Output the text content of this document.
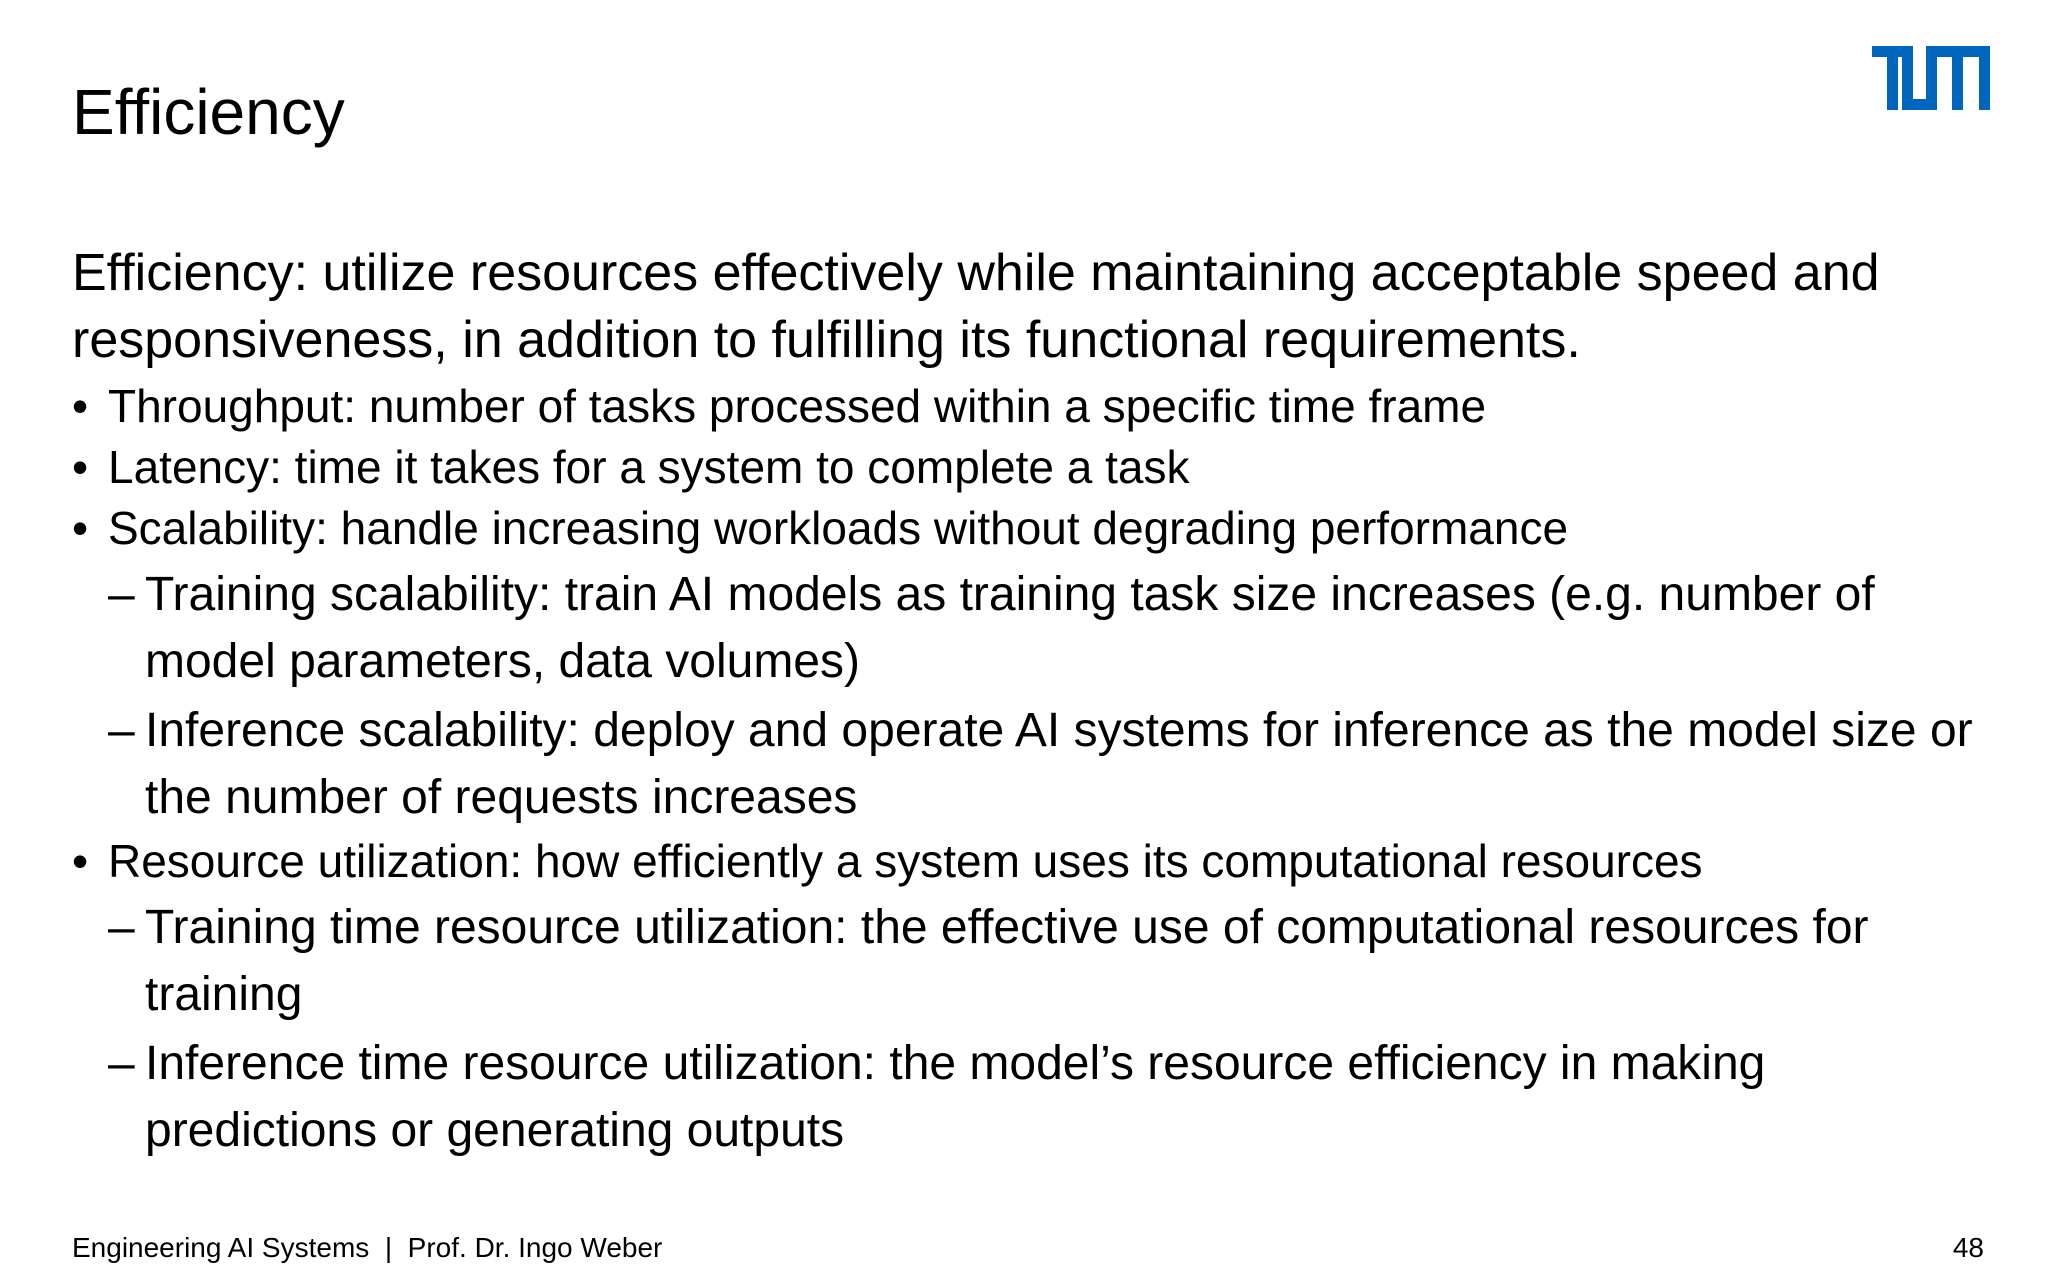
Efficiency

Efficiency: utilize resources effectively while maintaining acceptable speed and responsiveness, in addition to fulfilling its functional requirements.

• Throughput: number of tasks processed within a specific time frame
• Latency: time it takes for a system to complete a task
• Scalability: handle increasing workloads without degrading performance
– Training scalability: train AI models as training task size increases (e.g. number of model parameters, data volumes)
– Inference scalability: deploy and operate AI systems for inference as the model size or the number of requests increases
• Resource utilization: how efficiently a system uses its computational resources
– Training time resource utilization: the effective use of computational resources for training
– Inference time resource utilization: the model’s resource efficiency in making predictions or generating outputs
Engineering AI Systems  |  Prof. Dr. Ingo Weber	48
